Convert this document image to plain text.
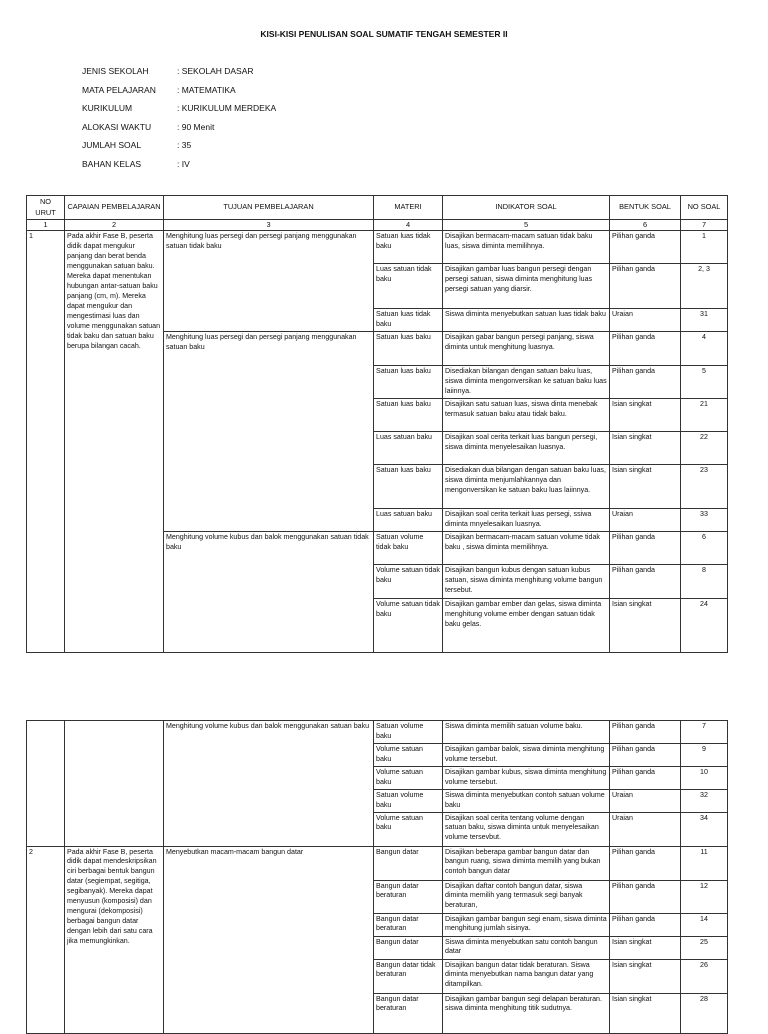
KISI-KISI PENULISAN SOAL SUMATIF TENGAH SEMESTER II
JENIS SEKOLAH	: SEKOLAH DASAR
MATA PELAJARAN : MATEMATIKA
KURIKULUM	: KURIKULUM MERDEKA
ALOKASI WAKTU	: 90 Menit
JUMLAH SOAL	: 35
BAHAN KELAS	: IV
NO URUT	CAPAIAN PEMBELAJARAN	TUJUAN PEMBELAJARAN	MATERI	INDIKATOR SOAL	BENTUK SOAL	NO SOAL
1	2	3	4	5	6	7
1	Pada akhir Fase B, peserta didik dapat mengukur panjang dan berat benda menggunakan satuan baku. Mereka dapat menentukan hubungan antar-satuan baku panjang (cm, m). Mereka dapat mengukur dan mengestimasi luas dan volume menggunakan satuan tidak baku dan satuan baku berupa bilangan cacah.	Menghitung luas persegi dan persegi panjang menggunakan satuan tidak baku	Satuan luas tidak baku	Disajikan bermacam-macam satuan tidak baku luas, siswa diminta memilihnya.	Pilihan ganda	1
			Luas satuan tidak baku	Disajikan gambar luas bangun persegi dengan persegi satuan, siswa diminta menghitung luas persegi satuan yang diarsir.	Pilihan ganda	2, 3
			Satuan luas tidak baku	Siswa diminta menyebutkan satuan luas tidak baku	Uraian	31
		Menghitung luas persegi dan persegi panjang menggunakan satuan baku	Satuan luas baku	Disajikan gabar bangun persegi panjang, siswa diminta untuk menghitung luasnya.	Pilihan ganda	4
			Satuan luas baku	Disediakan bilangan dengan satuan baku luas, siswa diminta mengonversikan ke satuan baku luas laiinnya.	Pilihan ganda	5
			Satuan luas baku	Disajikan satu satuan luas, siswa dinta menebak termasuk satuan baku atau tidak baku.	Isian singkat	21
			Luas satuan baku	Disajikan soal cerita terkait luas bangun persegi, siswa diminta menyelesaikan luasnya.	Isian singkat	22
			Satuan luas baku	Disediakan dua bilangan dengan satuan baku luas, siswa diminta menjumlahkannya dan mengonversikan ke satuan baku luas laiinnya.	Isian singkat	23
			Luas satuan baku	Disajikan soal cerita terkait luas persegi, ssiwa diminta mnyelesaikan luasnya.	Uraian	33
		Menghitung volume kubus dan balok menggunakan satuan tidak baku	Satuan volume tidak baku	Disajikan bermacam-macam satuan volume tidak baku , siswa diminta memilihnya.	Pilihan ganda	6
			Volume satuan tidak baku	Disajikan bangun kubus dengan satuan kubus satuan, siswa diminta menghitung volume bangun tersebut.	Pilihan ganda	8
			Volume satuan tidak baku	Disajikan gambar ember dan gelas, siswa diminta menghitung volume ember dengan satuan tidak baku gelas.	Isian singkat	24
		Menghitung volume kubus dan balok menggunakan satuan baku	Satuan volume baku	Siswa diminta memilih satuan volume baku.	Pilihan ganda	7
			Volume satuan baku	Disajikan gambar balok, siswa diminta menghitung volume tersebut.	Pilihan ganda	9
			Volume satuan baku	Disajikan gambar kubus, siswa diminta menghitung volume tersebut.	Pilihan ganda	10
			Satuan volume baku	Siswa diminta menyebutkan contoh satuan volume baku	Uraian	32
			Volume satuan baku	Disajikan soal cerita tentang volume dengan satuan baku, siswa diminta untuk menyelesaikan volume tersevbut.	Uraian	34
2	Pada akhir Fase B, peserta didik dapat mendeskripsikan ciri berbagai bentuk bangun datar (segiempat, segitiga, segibanyak). Mereka dapat menyusun (komposisi) dan mengurai (dekomposisi) berbagai bangun datar dengan lebih dari satu cara jika memungkinkan.	Menyebutkan macam-macam bangun datar	Bangun datar	Disajikan beberapa gambar bangun datar dan bangun ruang, siswa diminta memilih yang bukan contoh bangun datar	Pilihan ganda	11
			Bangun datar beraturan	Disajikan daftar contoh bangun datar, siswa diminta memilih yang termasuk segi banyak beraturan,	Pilihan ganda	12
			Bangun datar beraturan	Disajikan gambar bangun segi enam, siswa diminta menghitung jumlah sisinya.	Pilihan ganda	14
			Bangun datar	Siswa diminta menyebutkan satu contoh bangun datar	Isian singkat	25
			Bangun datar tidak beraturan	Disajikan bangun datar tidak beraturan. Siswa diminta menyebutkan nama bangun datar yang ditampilkan.	Isian singkat	26
			Bangun datar beraturan	Disajikan gambar bangun segi delapan beraturan. siswa diminta menghitung titik sudutnya.	Isian singkat	28
